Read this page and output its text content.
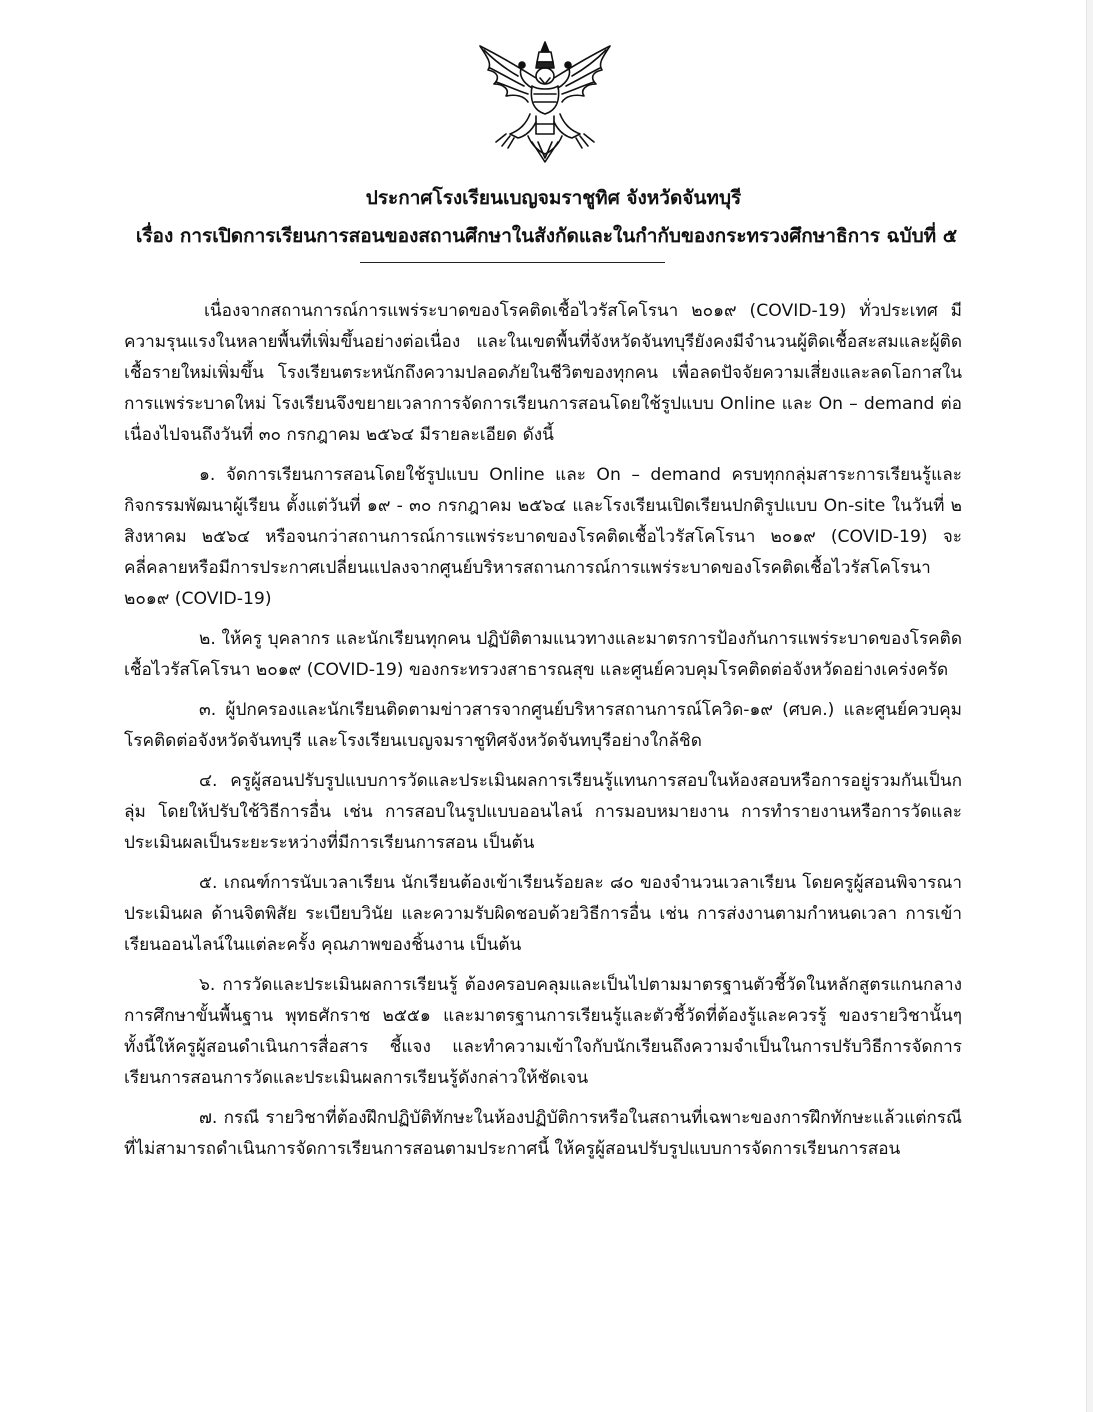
ประกาศโรงเรียนเบญจมราชูทิศ จังหวัดจันทบุรี
เรื่อง การเปิดการเรียนการสอนของสถานศึกษาในสังกัดและในกำกับของกระทรวงศึกษาธิการ ฉบับที่ ๕

เนื่องจากสถานการณ์การแพร่ระบาดของโรคติดเชื้อไวรัสโคโรนา ๒๐๑๙ (COVID-19) ทั่วประเทศ มีความรุนแรงในหลายพื้นที่เพิ่มขึ้นอย่างต่อเนื่อง และในเขตพื้นที่จังหวัดจันทบุรียังคงมีจำนวนผู้ติดเชื้อสะสมและผู้ติดเชื้อรายใหม่เพิ่มขึ้น โรงเรียนตระหนักถึงความปลอดภัยในชีวิตของทุกคน เพื่อลดปัจจัยความเสี่ยงและลดโอกาสในการแพร่ระบาดใหม่ โรงเรียนจึงขยายเวลาการจัดการเรียนการสอนโดยใช้รูปแบบ Online และ On – demand ต่อเนื่องไปจนถึงวันที่ ๓๐ กรกฎาคม ๒๕๖๔ มีรายละเอียด ดังนี้

๑. จัดการเรียนการสอนโดยใช้รูปแบบ Online และ On – demand ครบทุกกลุ่มสาระการเรียนรู้และกิจกรรมพัฒนาผู้เรียน ตั้งแต่วันที่ ๑๙ - ๓๐ กรกฎาคม ๒๕๖๔ และโรงเรียนเปิดเรียนปกติรูปแบบ On-site ในวันที่ ๒ สิงหาคม ๒๕๖๔ หรือจนกว่าสถานการณ์การแพร่ระบาดของโรคติดเชื้อไวรัสโคโรนา ๒๐๑๙ (COVID-19) จะคลี่คลายหรือมีการประกาศเปลี่ยนแปลงจากศูนย์บริหารสถานการณ์การแพร่ระบาดของโรคติดเชื้อไวรัสโคโรนา ๒๐๑๙ (COVID-19)

๒. ให้ครู บุคลากร และนักเรียนทุกคน ปฏิบัติตามแนวทางและมาตรการป้องกันการแพร่ระบาดของโรคติดเชื้อไวรัสโคโรนา ๒๐๑๙ (COVID-19) ของกระทรวงสาธารณสุข และศูนย์ควบคุมโรคติดต่อจังหวัดอย่างเคร่งครัด

๓. ผู้ปกครองและนักเรียนติดตามข่าวสารจากศูนย์บริหารสถานการณ์โควิด-๑๙ (ศบค.) และศูนย์ควบคุมโรคติดต่อจังหวัดจันทบุรี และโรงเรียนเบญจมราชูทิศจังหวัดจันทบุรีอย่างใกล้ชิด

๔. ครูผู้สอนปรับรูปแบบการวัดและประเมินผลการเรียนรู้แทนการสอบในห้องสอบหรือการอยู่รวมกันเป็นกลุ่ม โดยให้ปรับใช้วิธีการอื่น เช่น การสอบในรูปแบบออนไลน์ การมอบหมายงาน การทำรายงานหรือการวัดและประเมินผลเป็นระยะระหว่างที่มีการเรียนการสอน เป็นต้น

๕. เกณฑ์การนับเวลาเรียน นักเรียนต้องเข้าเรียนร้อยละ ๘๐ ของจำนวนเวลาเรียน โดยครูผู้สอนพิจารณาประเมินผล ด้านจิตพิสัย ระเบียบวินัย และความรับผิดชอบด้วยวิธีการอื่น เช่น การส่งงานตามกำหนดเวลา การเข้าเรียนออนไลน์ในแต่ละครั้ง คุณภาพของชิ้นงาน เป็นต้น

๖. การวัดและประเมินผลการเรียนรู้ ต้องครอบคลุมและเป็นไปตามมาตรฐานตัวชี้วัดในหลักสูตรแกนกลางการศึกษาขั้นพื้นฐาน พุทธศักราช ๒๕๕๑ และมาตรฐานการเรียนรู้และตัวชี้วัดที่ต้องรู้และควรรู้ ของรายวิชานั้นๆ ทั้งนี้ให้ครูผู้สอนดำเนินการสื่อสาร ชี้แจง และทำความเข้าใจกับนักเรียนถึงความจำเป็นในการปรับวิธีการจัดการเรียนการสอนการวัดและประเมินผลการเรียนรู้ดังกล่าวให้ชัดเจน

๗. กรณี รายวิชาที่ต้องฝึกปฏิบัติทักษะในห้องปฏิบัติการหรือในสถานที่เฉพาะของการฝึกทักษะแล้วแต่กรณีที่ไม่สามารถดำเนินการจัดการเรียนการสอนตามประกาศนี้ ให้ครูผู้สอนปรับรูปแบบการจัดการเรียนการสอน
